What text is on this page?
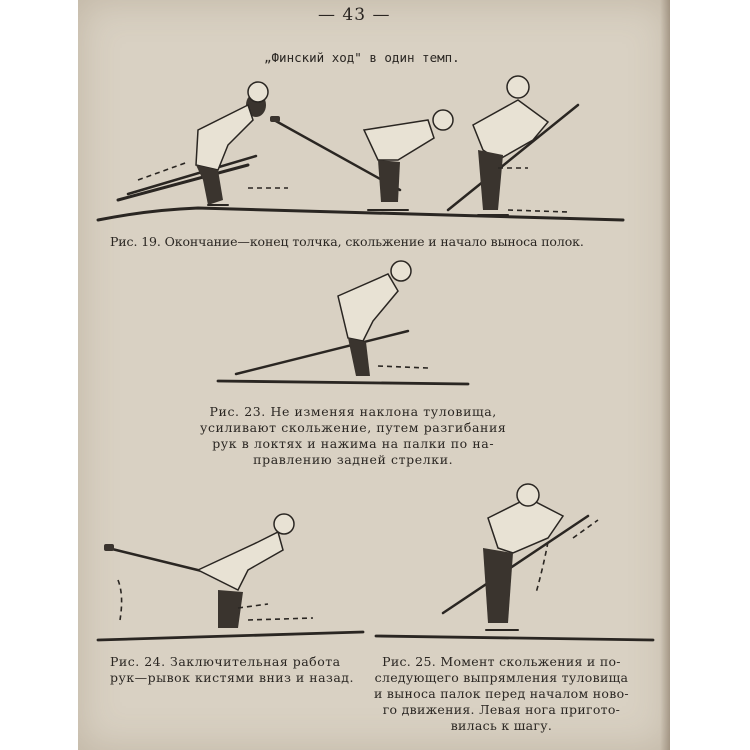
— 43 —
„Финский ход" в один темп.

Рис. 19. Окончание—конец толчка, скольжение и начало выноса полок.

Рис. 23. Не изменяя наклона туловища,
усиливают скольжение, путем разгибания
рук в локтях и нажима на палки по на-
правлению задней стрелки.

Рис. 24. Заключительная работа
рук—рывок кистями вниз и назад.

Рис. 25. Момент скольжения и по-
следующего выпрямления туловища
и выноса палок перед началом ново-
го движения. Левая нога пригото-
вилась к шагу.
